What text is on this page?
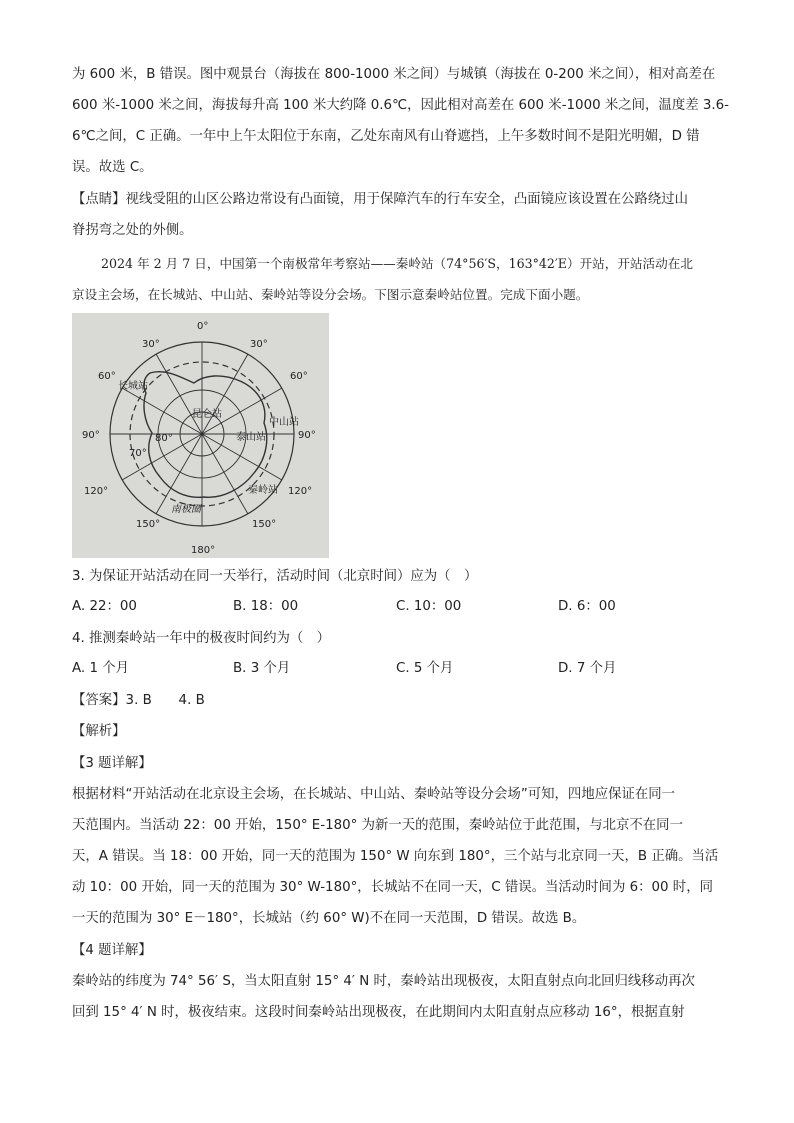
为 600 米，B 错误。图中观景台（海拔在 800-1000 米之间）与城镇（海拔在 0-200 米之间），相对高差在
600 米-1000 米之间，海拔每升高 100 米大约降 0.6℃，因此相对高差在 600 米-1000 米之间，温度差 3.6-
6℃之间，C 正确。一年中上午太阳位于东南，乙处东南风有山脊遮挡，上午多数时间不是阳光明媚，D 错
误。故选 C。
【点睛】视线受阻的山区公路边常设有凸面镜，用于保障汽车的行车安全，凸面镜应该设置在公路绕过山
脊拐弯之处的外侧。
2024 年 2 月 7 日，中国第一个南极常年考察站——秦岭站（74°56′S，163°42′E）开站，开站活动在北
京设主会场，在长城站、中山站、秦岭站等设分会场。下图示意秦岭站位置。完成下面小题。
0°
30°	30°
60°	60°
90°	90°
120°	120°
150°	150°
180°
80°
70°
长城站
昆仑站
中山站
泰山站
秦岭站
南极圈
3. 为保证开站活动在同一天举行，活动时间（北京时间）应为（　）
A. 22：00	B. 18：00	C. 10：00	D. 6：00
4. 推测秦岭站一年中的极夜时间约为（　）
A. 1 个月	B. 3 个月	C. 5 个月	D. 7 个月
【答案】3. B　　4. B
【解析】
【3 题详解】
根据材料“开站活动在北京设主会场，在长城站、中山站、秦岭站等设分会场”可知，四地应保证在同一
天范围内。当活动 22：00 开始，150° E-180° 为新一天的范围，秦岭站位于此范围，与北京不在同一
天，A 错误。当 18：00 开始，同一天的范围为 150° W 向东到 180°，三个站与北京同一天，B 正确。当活
动 10：00 开始，同一天的范围为 30° W-180°，长城站不在同一天，C 错误。当活动时间为 6：00 时，同
一天的范围为 30° E－180°，长城站（约 60° W)不在同一天范围，D 错误。故选 B。
【4 题详解】
秦岭站的纬度为 74° 56′ S，当太阳直射 15° 4′ N 时，秦岭站出现极夜，太阳直射点向北回归线移动再次
回到 15° 4′ N 时，极夜结束。这段时间秦岭站出现极夜，在此期间内太阳直射点应移动 16°，根据直射
